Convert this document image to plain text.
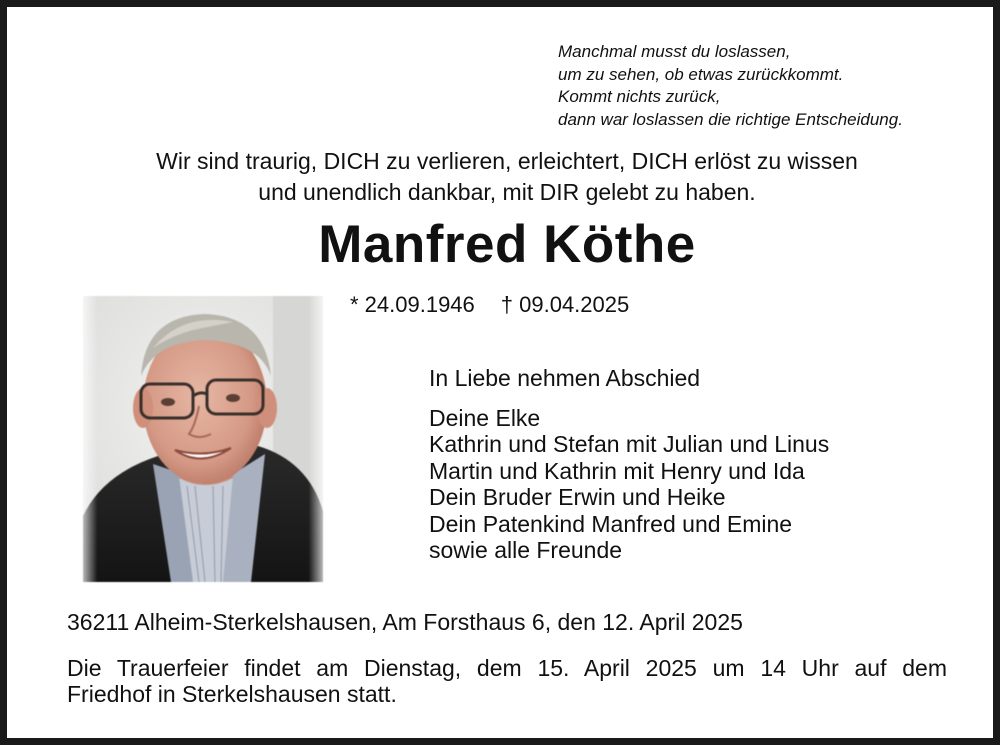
Manchmal musst du loslassen,
um zu sehen, ob etwas zurückkommt.
Kommt nichts zurück,
dann war loslassen die richtige Entscheidung.
Wir sind traurig, DICH zu verlieren, erleichtert, DICH erlöst zu wissen
und unendlich dankbar, mit DIR gelebt zu haben.
Manfred Köthe
* 24.09.1946 † 09.04.2025
In Liebe nehmen Abschied
Deine Elke
Kathrin und Stefan mit Julian und Linus
Martin und Kathrin mit Henry und Ida
Dein Bruder Erwin und Heike
Dein Patenkind Manfred und Emine
sowie alle Freunde
36211 Alheim-Sterkelshausen, Am Forsthaus 6, den 12. April 2025
Die Trauerfeier findet am Dienstag, dem 15. April 2025 um 14 Uhr auf dem
Friedhof in Sterkelshausen statt.
